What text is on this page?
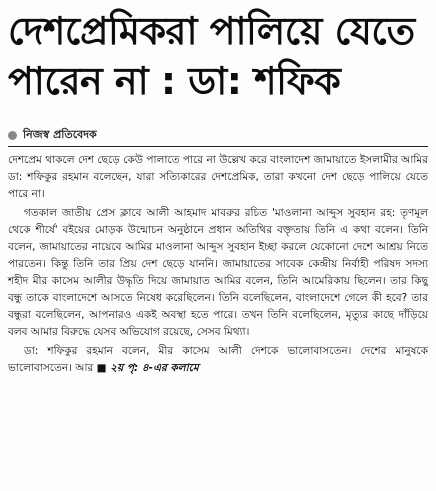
দেশপ্রেমিকরা পালিয়ে যেতে
পারেন না : ডা: শফিক
নিজস্ব প্রতিবেদক

দেশপ্রেম থাকলে দেশ ছেড়ে কেউ পালাতে পারে না উল্লেখ করে বাংলাদেশ জামায়াতে ইসলামীর আমির ডা: শফিকুর রহমান বলেছেন, যারা সত্যিকারের দেশপ্রেমিক, তারা কখনো দেশ ছেড়ে পালিয়ে যেতে পারে না।

গতকাল জাতীয় প্রেস ক্লাবে আলী আহমাদ মাবরুর রচিত 'মাওলানা আব্দুস সুবহান রহ: তৃণমূল থেকে শীর্ষে' বইয়ের মোড়ক উন্মোচন অনুষ্ঠানে প্রধান অতিথির বক্তৃতায় তিনি এ কথা বলেন। তিনি বলেন, জামায়াতের নায়েবে আমির মাওলানা আব্দুস সুবহান ইচ্ছা করলে যেকোনো দেশে আশ্রয় নিতে পারতেন। কিন্তু তিনি তার প্রিয় দেশ ছেড়ে যাননি। জামায়াতের সাবেক কেন্দ্রীয় নির্বাহী পরিষদ সদস্য শহীদ মীর কাসেম আলীর উদ্ধৃতি দিয়ে জামায়াত আমির বলেন, তিনি আমেরিকায় ছিলেন। তার কিছু বন্ধু তাকে বাংলাদেশে আসতে নিষেধ করেছিলেন। তিনি বলেছিলেন, বাংলাদেশে গেলে কী হবে? তার বন্ধুরা বলেছিলেন, আপনারও একই অবস্থা হতে পারে। তখন তিনি বলেছিলেন, মৃত্যুর কাছে দাঁড়িয়ে বলব আমার বিরুদ্ধে যেসব অভিযোগ রয়েছে, সেসব মিথ্যা।

ডা: শফিকুর রহমান বলেন, মীর কাসেম আলী দেশকে ভালোবাসতেন। দেশের মানুষকে ভালোবাসতেন। আর ■ ২য় পৃ: ৪-এর কলামে
